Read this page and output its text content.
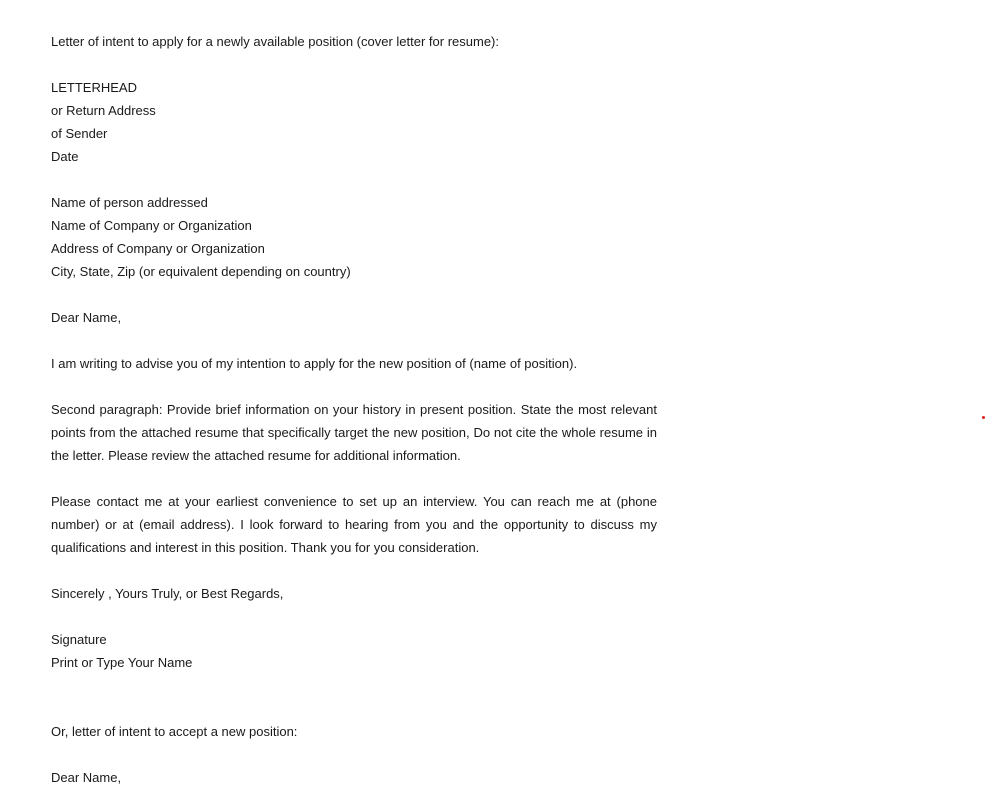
Letter of intent to apply for a newly available position (cover letter for resume):
LETTERHEAD
or Return Address
of Sender
Date
Name of person addressed
Name of Company or Organization
Address of Company or Organization
City, State, Zip (or equivalent depending on country)
Dear Name,

I am writing to advise you of my intention to apply for the new position of (name of position).

Second paragraph: Provide brief information on your history in present position. State the most relevant points from the attached resume that specifically target the new position, Do not cite the whole resume in the letter. Please review the attached resume for additional information.

Please contact me at your earliest convenience to set up an interview. You can reach me at (phone number) or at (email address). I look forward to hearing from you and the opportunity to discuss my qualifications and interest in this position. Thank you for you consideration.

Sincerely , Yours Truly, or Best Regards,
Signature
Print or Type Your Name
Or, letter of intent to accept a new position:
Dear Name,
